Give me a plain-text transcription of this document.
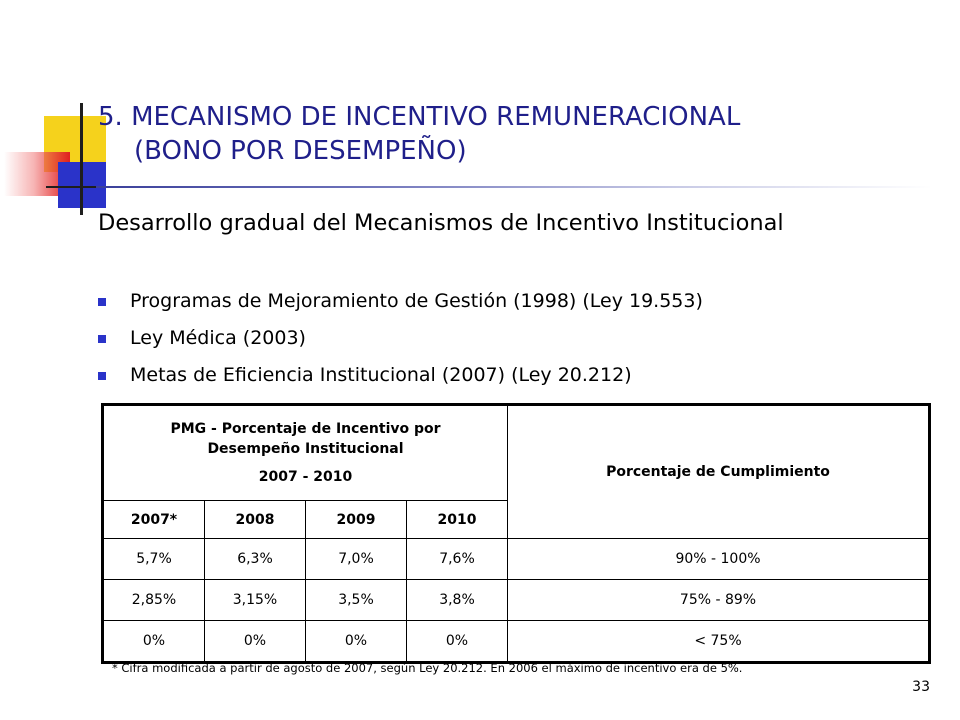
5. MECANISMO DE INCENTIVO REMUNERACIONAL
(BONO POR DESEMPEÑO)

Desarrollo gradual del Mecanismos de Incentivo Institucional

Programas de Mejoramiento de Gestión (1998) (Ley 19.553)
Ley Médica (2003)
Metas de Eficiencia Institucional (2007) (Ley 20.212)
PMG - Porcentaje de Incentivo por
Desempeño Institucional
2007 - 2010				Porcentaje de Cumplimiento
2007*	2008	2009	2010	
5,7%	6,3%	7,0%	7,6%	90% - 100%
2,85%	3,15%	3,5%	3,8%	75% - 89%
0%	0%	0%	0%	< 75%
* Cifra modificada a partir de agosto de 2007, según Ley 20.212. En 2006 el máximo de incentivo era de 5%.
33
